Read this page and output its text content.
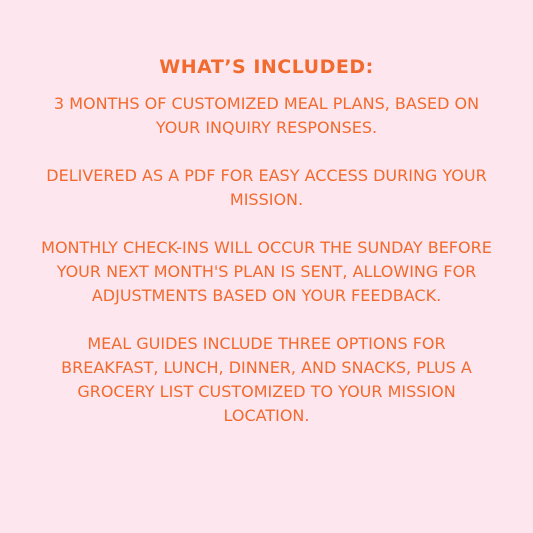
WHAT’S INCLUDED:

3 MONTHS OF CUSTOMIZED MEAL PLANS, BASED ON YOUR INQUIRY RESPONSES.

DELIVERED AS A PDF FOR EASY ACCESS DURING YOUR MISSION.

MONTHLY CHECK-INS WILL OCCUR THE SUNDAY BEFORE YOUR NEXT MONTH'S PLAN IS SENT, ALLOWING FOR ADJUSTMENTS BASED ON YOUR FEEDBACK.

MEAL GUIDES INCLUDE THREE OPTIONS FOR BREAKFAST, LUNCH, DINNER, AND SNACKS, PLUS A GROCERY LIST CUSTOMIZED TO YOUR MISSION LOCATION.
